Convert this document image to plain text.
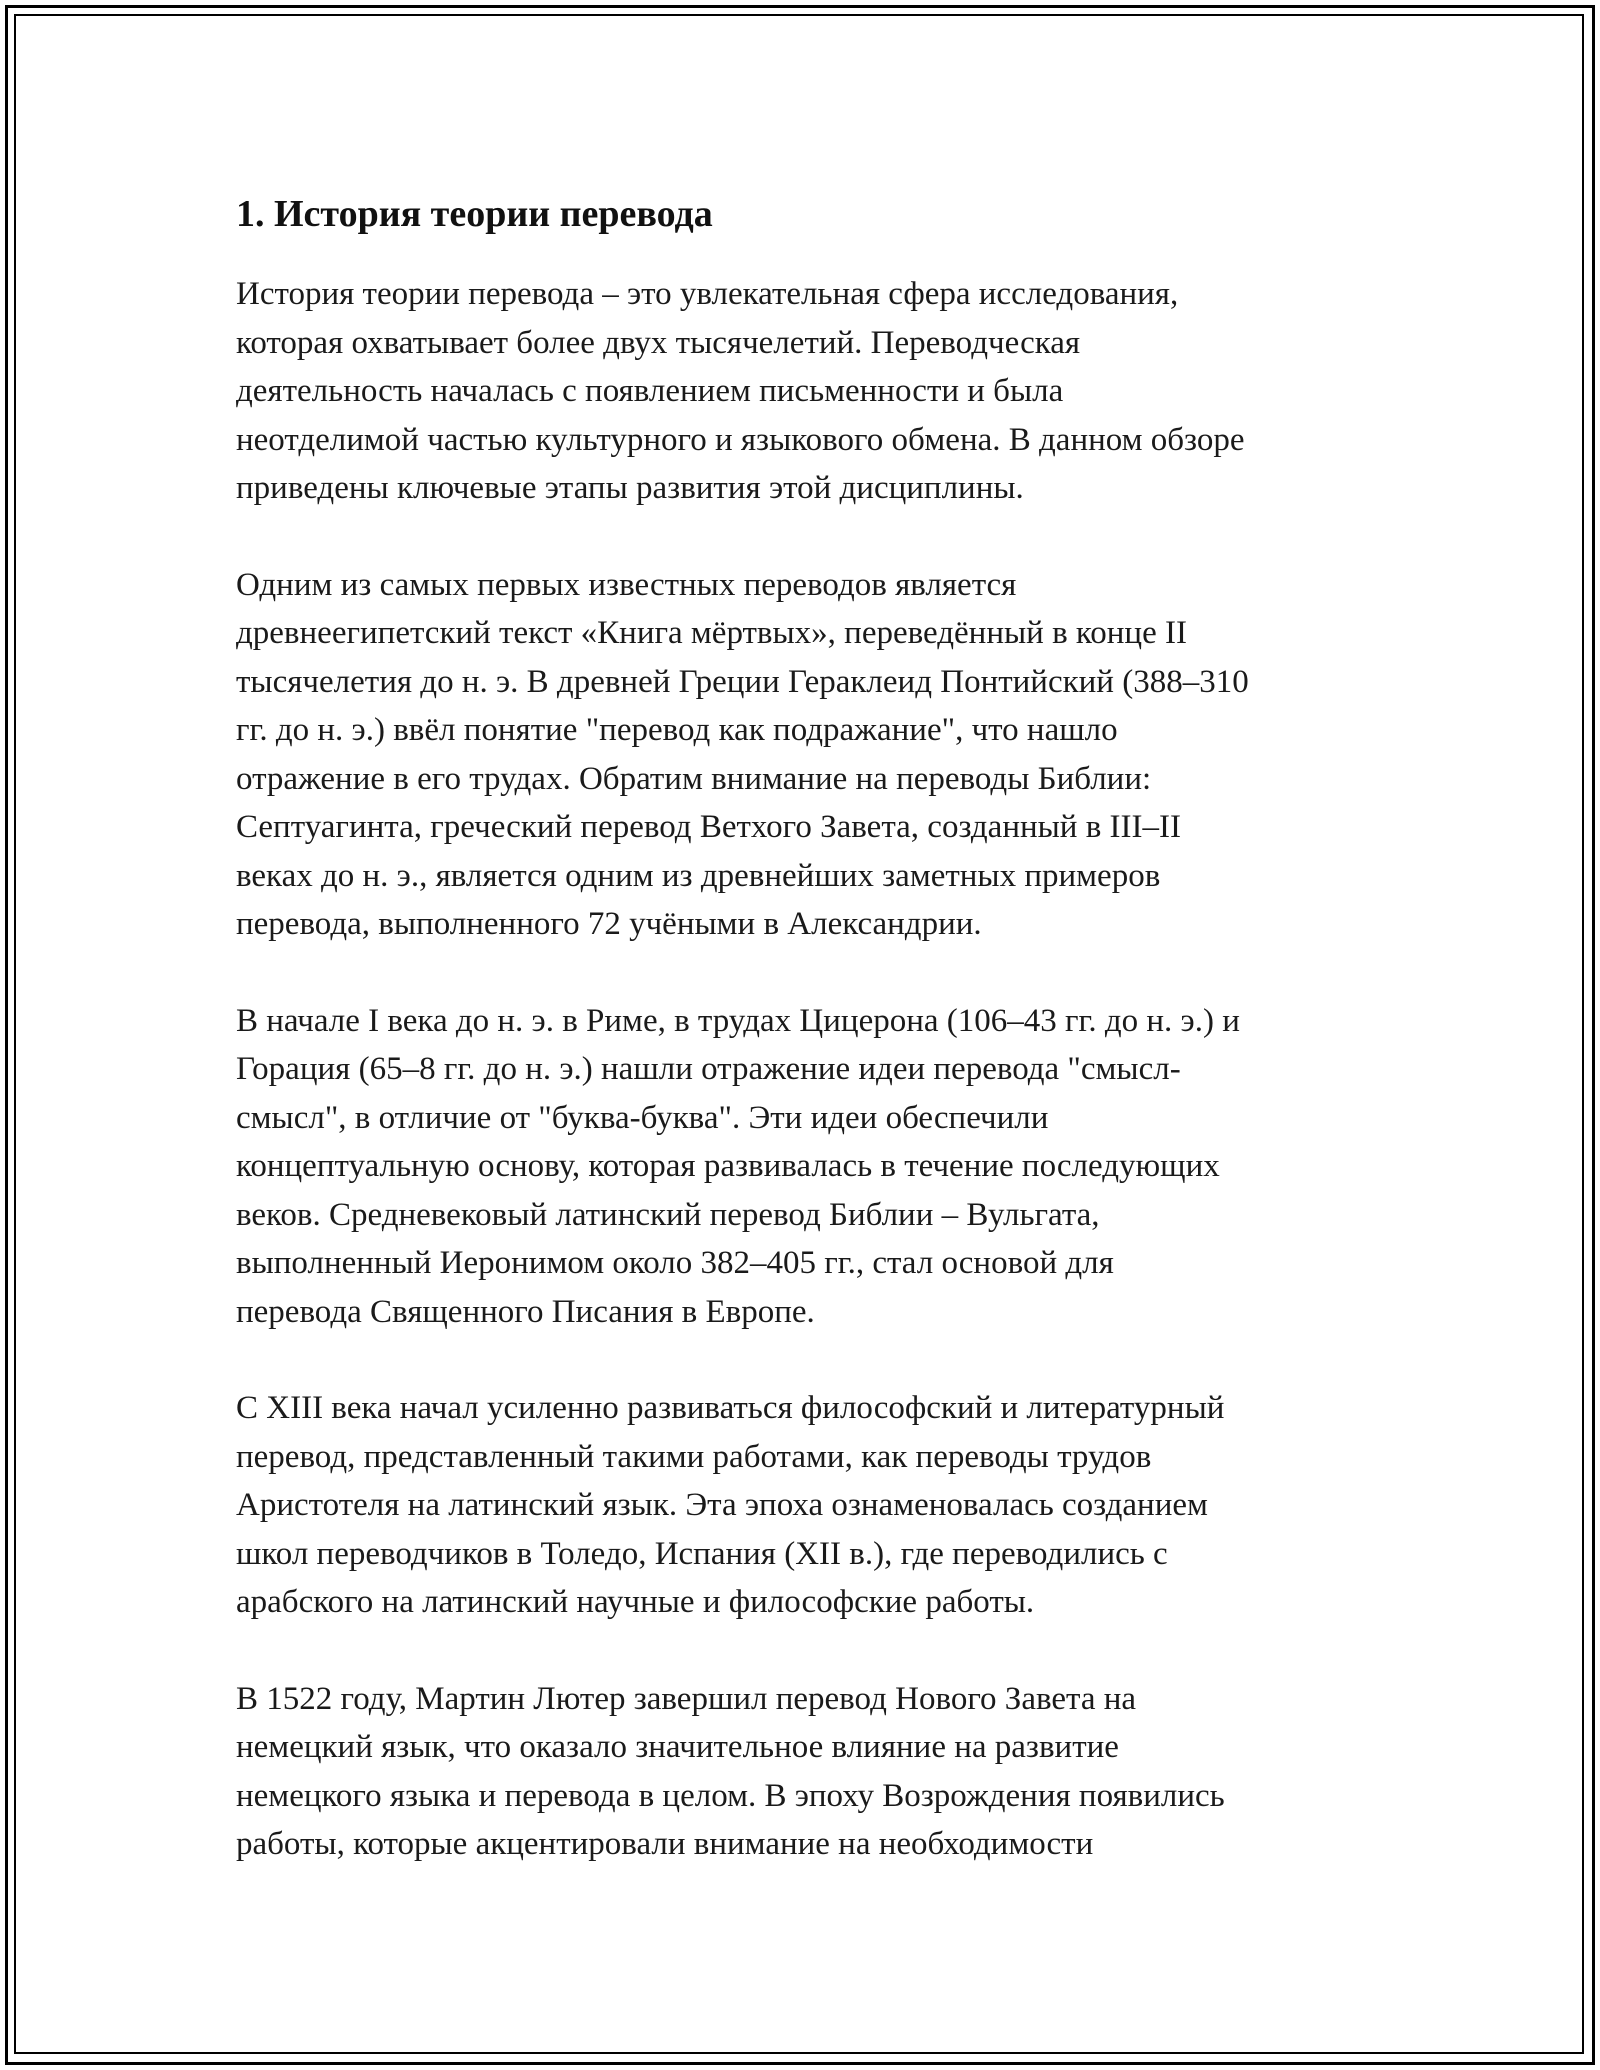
1. История теории перевода

История теории перевода – это увлекательная сфера исследования,
которая охватывает более двух тысячелетий. Переводческая
деятельность началась с появлением письменности и была
неотделимой частью культурного и языкового обмена. В данном обзоре
приведены ключевые этапы развития этой дисциплины.

Одним из самых первых известных переводов является
древнеегипетский текст «Книга мёртвых», переведённый в конце II
тысячелетия до н. э. В древней Греции Гераклеид Понтийский (388–310
гг. до н. э.) ввёл понятие "перевод как подражание", что нашло
отражение в его трудах. Обратим внимание на переводы Библии:
Септуагинта, греческий перевод Ветхого Завета, созданный в III–II
веках до н. э., является одним из древнейших заметных примеров
перевода, выполненного 72 учёными в Александрии.

В начале I века до н. э. в Риме, в трудах Цицерона (106–43 гг. до н. э.) и
Горация (65–8 гг. до н. э.) нашли отражение идеи перевода "смысл-
смысл", в отличие от "буква-буква". Эти идеи обеспечили
концептуальную основу, которая развивалась в течение последующих
веков. Средневековый латинский перевод Библии – Вульгата,
выполненный Иеронимом около 382–405 гг., стал основой для
перевода Священного Писания в Европе.

С XIII века начал усиленно развиваться философский и литературный
перевод, представленный такими работами, как переводы трудов
Аристотеля на латинский язык. Эта эпоха ознаменовалась созданием
школ переводчиков в Толедо, Испания (XII в.), где переводились с
арабского на латинский научные и философские работы.

В 1522 году, Мартин Лютер завершил перевод Нового Завета на
немецкий язык, что оказало значительное влияние на развитие
немецкого языка и перевода в целом. В эпоху Возрождения появились
работы, которые акцентировали внимание на необходимости
